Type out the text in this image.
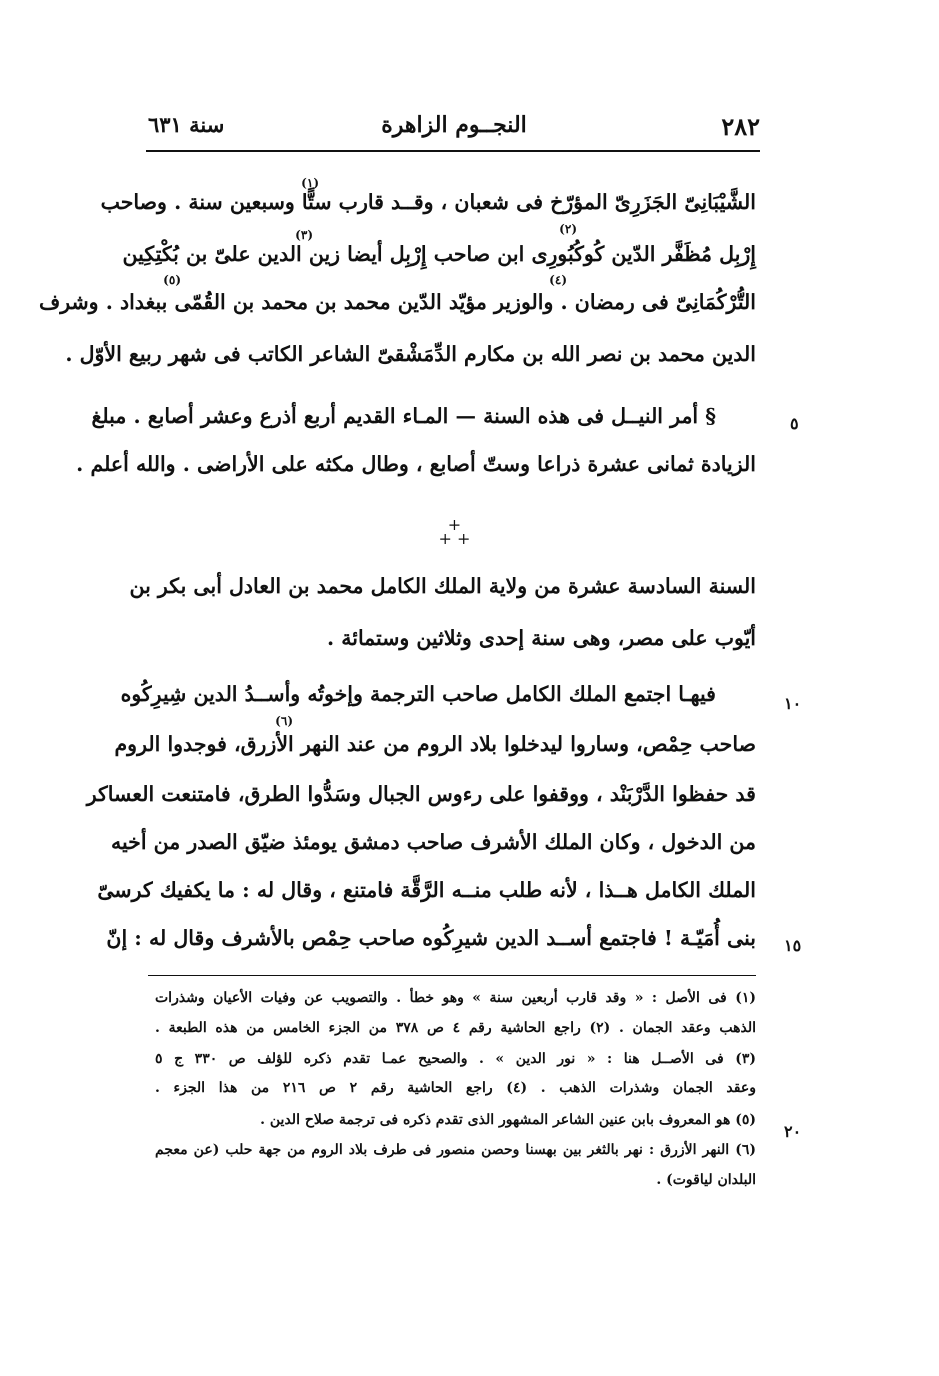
٢٨٢
النجــوم الزاهرة
سنة ٦٣١
(١)
(٢)
(٣)
(٤)
(٥)
(٦)
الشَّيْبَانِىّ الجَزَرِىّ المؤرّخ فى شعبان ، وقــد قارب ستًّا وسبعين سنة . وصاحب
إِرْبِل مُظَفَّر الدّين كُوكُبُورِى ابن صاحب إِرْبِل أيضا زين الدين علىّ بن بُكْتِكِين
التُّرْكُمَانِىّ فى رمضان . والوزير مؤيّد الدّين محمد بن محمد بن القُمّى ببغداد . وشرف
الدين محمد بن نصر الله بن مكارم الدِّمَشْقىّ الشاعر الكاتب فى شهر ربيع الأوّل .
§ أمر النيــل فى هذه السنة — المـاء القديم أربع أذرع وعشر أصابع . مبلغ
الزيادة ثمانى عشرة ذراعا وستّ أصابع ، وطال مكثه على الأراضى . والله أعلم .
السنة السادسة عشرة من ولاية الملك الكامل محمد بن العادل أبى بكر بن
أيّوب على مصر، وهى سنة إحدى وثلاثين وستمائة .
فيهـا اجتمع الملك الكامل صاحب الترجمة وإخوتُه وأســدُ الدين شِيرِكُوه
صاحب حِمْص، وساروا ليدخلوا بلاد الروم من عند النهر الأزرق، فوجدوا الروم
قد حفظوا الدَّرْبَنْد ، ووقفوا على رءوس الجبال وسَدُّوا الطرق، فامتنعت العساكر
من الدخول ، وكان الملك الأشرف صاحب دمشق يومئذ ضيّق الصدر من أخيه
الملك الكامل هــذا ، لأنه طلب منــه الرَّقَّة فامتنع ، وقال له : ما يكفيك كرسىّ
بنى أُمَيّـة ! فاجتمع أســد الدين شيرِكُوه صاحب حِمْص بالأشرف وقال له : إنّ
+
+ +
٥
١٠
١٥
٢٠
(١) فى الأصل : « وقد قارب أربعين سنة » وهو خطأ . والتصويب عن وفيات الأعيان وشذرات
الذهب وعقد الجمان . (٢) راجع الحاشية رقم ٤ ص ٣٧٨ من الجزء الخامس من هذه الطبعة .
(٣) فى الأصــل هنا : « نور الدين » . والصحيح عمـا تقدم ذكره للؤلف ص ٣٣٠ ج ٥
وعقد الجمان وشذرات الذهب . (٤) راجع الحاشية رقم ٢ ص ٢١٦ من هذا الجزء .
(٥) هو المعروف بابن عنين الشاعر المشهور الذى تقدم ذكره فى ترجمة صلاح الدين .
(٦) النهر الأزرق : نهر بالثغر بين بهسنا وحصن منصور فى طرف بلاد الروم من جهة حلب (عن معجم
البلدان لياقوت) .
